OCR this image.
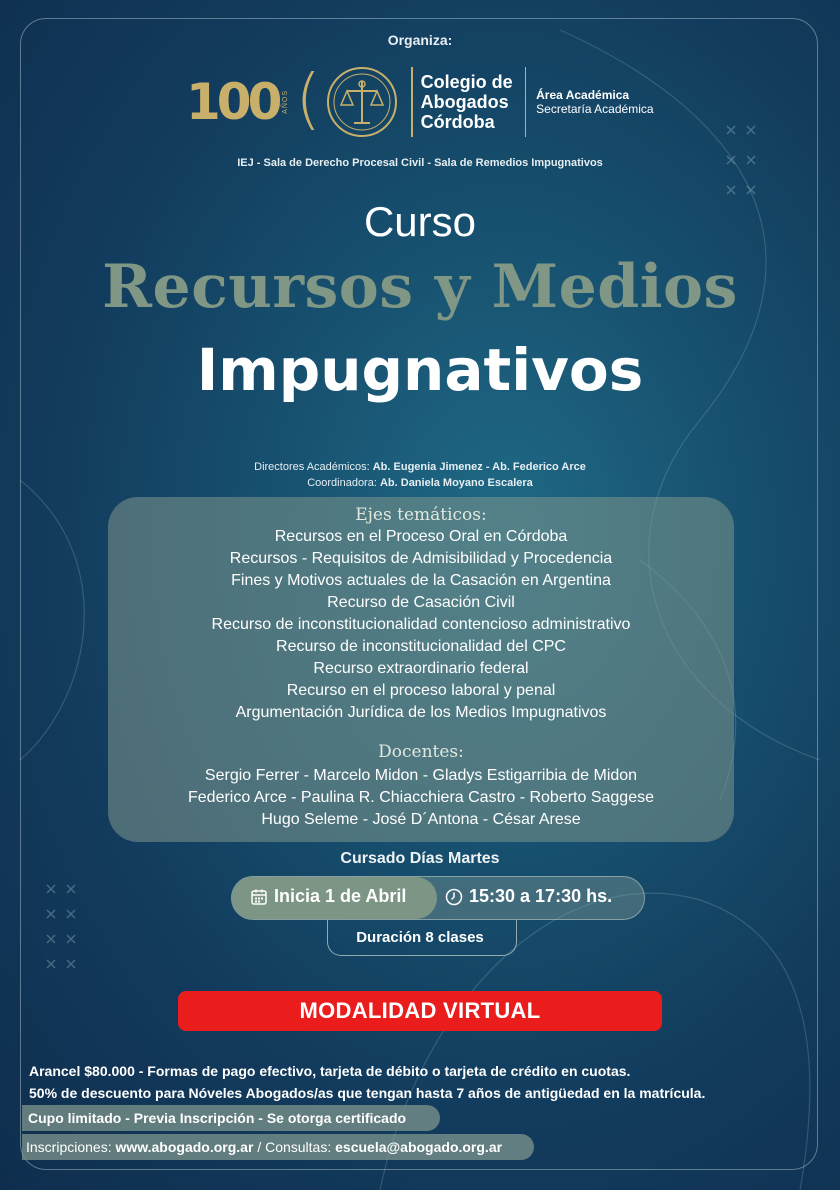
Organiza:
100 AÑOS (	Colegio de
Abogados
Córdoba
Área Académica
Secretaría Académica
IEJ - Sala de Derecho Procesal Civil - Sala de Remedios Impugnativos
Curso
Recursos y Medios
Impugnativos
Directores Académicos: Ab. Eugenia Jimenez - Ab. Federico Arce
Coordinadora: Ab. Daniela Moyano Escalera
Ejes temáticos:
Recursos en el Proceso Oral en Córdoba
Recursos - Requisitos de Admisibilidad y Procedencia
Fines y Motivos actuales de la Casación en Argentina
Recurso de Casación Civil
Recurso de inconstitucionalidad contencioso administrativo
Recurso de inconstitucionalidad del CPC
Recurso extraordinario federal
Recurso en el proceso laboral y penal
Argumentación Jurídica de los Medios Impugnativos
Docentes:
Sergio Ferrer - Marcelo Midon - Gladys Estigarribia de Midon
Federico Arce - Paulina R. Chiacchiera Castro - Roberto Saggese
Hugo Seleme - José D´Antona - César Arese
Cursado Días Martes
Inicia 1 de Abril	15:30 a 17:30 hs.
Duración 8 clases
MODALIDAD VIRTUAL
Arancel $80.000 - Formas de pago efectivo, tarjeta de débito o tarjeta de crédito en cuotas.
50% de descuento para Nóveles Abogados/as que tengan hasta 7 años de antigüedad en la matrícula.
Cupo limitado - Previa Inscripción - Se otorga certificado
Inscripciones: www.abogado.org.ar / Consultas: escuela@abogado.org.ar
